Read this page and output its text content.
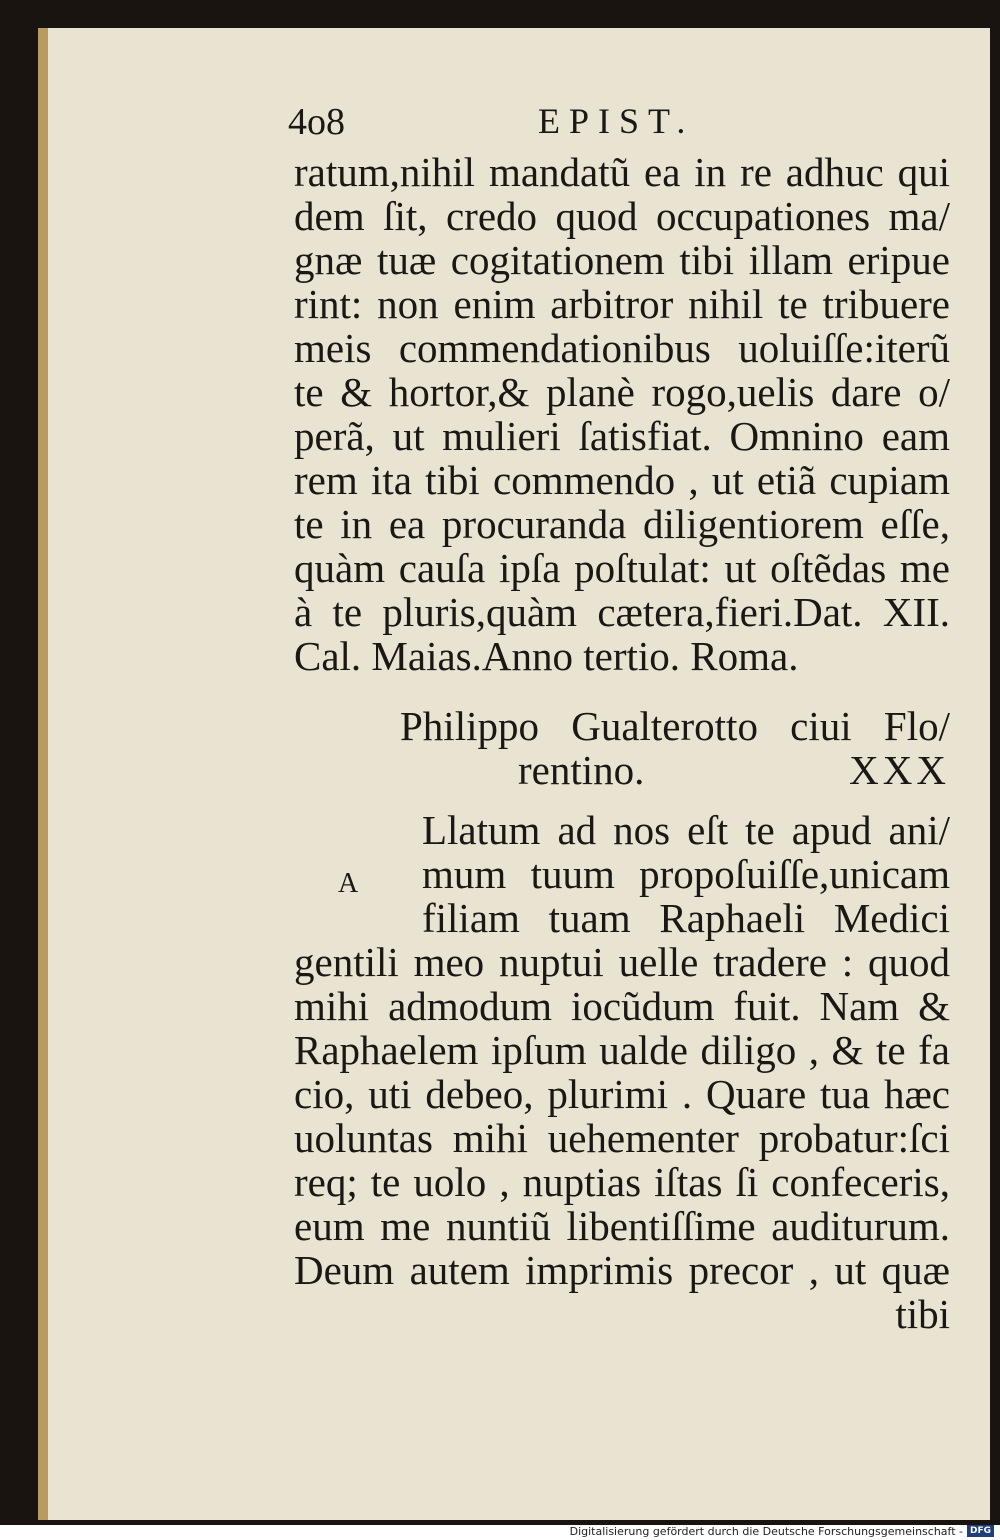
4o8	EPIST.
ratum,nihil mandatũ ea in re adhuc qui
dem ſit, credo quod occupationes ma/
gnæ tuæ cogitationem tibi illam eripue
rint: non enim arbitror nihil te tribuere
meis commendationibus uoluiſſe:iterũ
te & hortor,& planè rogo,uelis dare o/
perã, ut mulieri ſatisfiat. Omnino eam
rem ita tibi commendo , ut etiã cupiam
te in ea procuranda diligentiorem eſſe,
quàm cauſa ipſa poſtulat: ut oſtẽdas me
à te pluris,quàm cætera,fieri.Dat. XII.
Cal. Maias.Anno tertio. Roma.
Philippo Gualterotto ciui Flo/
rentino.	XXX
A
Llatum ad nos eſt te apud ani/
mum tuum propoſuiſſe,unicam
filiam tuam Raphaeli Medici
gentili meo nuptui uelle tradere : quod
mihi admodum iocũdum fuit. Nam &
Raphaelem ipſum ualde diligo , & te fa
cio, uti debeo, plurimi . Quare tua hæc
uoluntas mihi uehementer probatur:ſci
req; te uolo , nuptias iſtas ſi confeceris,
eum me nuntiũ libentiſſime auditurum.
Deum autem imprimis precor , ut quæ
tibi
Digitalisierung gefördert durch die Deutsche Forschungsgemeinschaft - DFG
